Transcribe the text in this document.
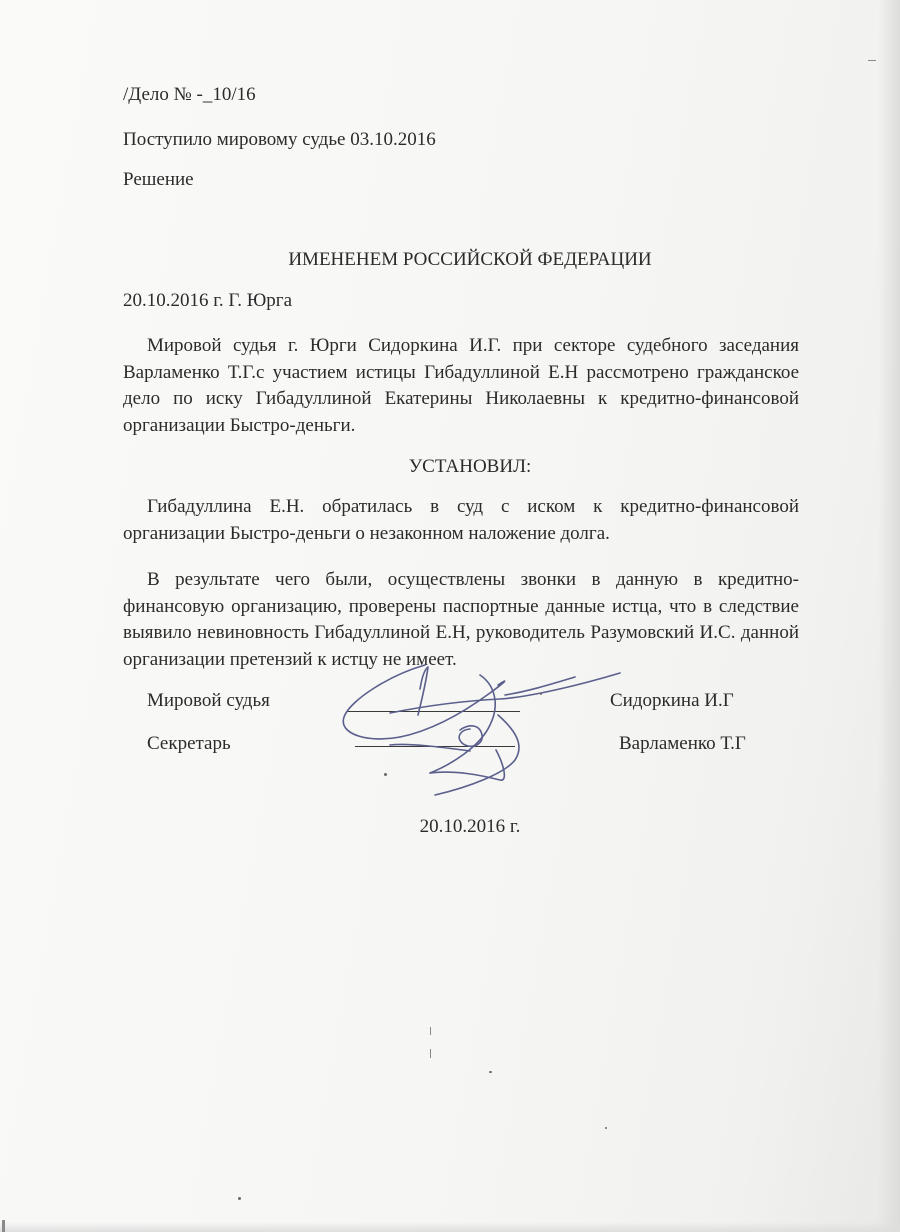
/Дело № -_10/16
Поступило мировому судье 03.10.2016
Решение
ИМЕНЕНЕМ РОССИЙСКОЙ ФЕДЕРАЦИИ
20.10.2016 г. Г. Юрга
Мировой судья г. Юрги Сидоркина И.Г. при секторе судебного заседания Варламенко Т.Г.с участием истицы Гибадуллиной Е.Н рассмотрено гражданское дело по иску Гибадуллиной Екатерины Николаевны к кредитно-финансовой организации Быстро-деньги.
УСТАНОВИЛ:
Гибадуллина Е.Н. обратилась в суд с иском к кредитно-финансовой организации Быстро-деньги о незаконном наложение долга.
В результате чего были, осуществлены звонки в данную в кредитно-финансовую организацию, проверены паспортные данные истца, что в следствие выявило невиновность Гибадуллиной Е.Н, руководитель Разумовский И.С. данной организации претензий к истцу не имеет.
Мировой судья	Сидоркина И.Г
Секретарь	Варламенко Т.Г
20.10.2016 г.
